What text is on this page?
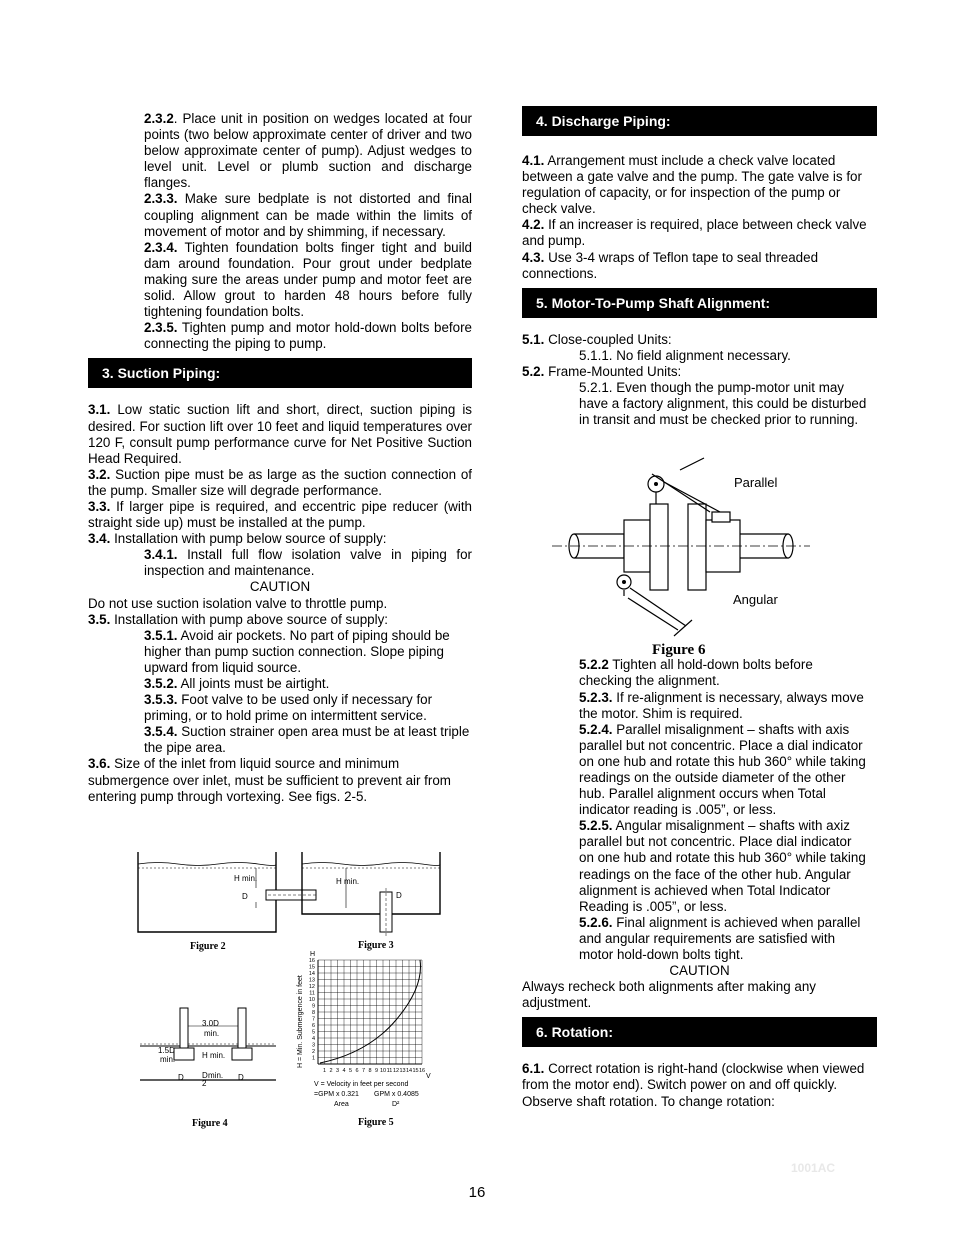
2.3.2. Place unit in position on wedges located at four points (two below approximate center of driver and two below approximate center of pump). Adjust wedges to level unit. Level or plumb suction and discharge flanges.

2.3.3. Make sure bedplate is not distorted and final coupling alignment can be made within the limits of movement of motor and by shimming, if necessary.

2.3.4. Tighten foundation bolts finger tight and build dam around foundation. Pour grout under bedplate making sure the areas under pump and motor feet are solid. Allow grout to harden 48 hours before fully tightening foundation bolts.

2.3.5. Tighten pump and motor hold-down bolts before connecting the piping to pump.

3. Suction Piping:

3.1. Low static suction lift and short, direct, suction piping is desired. For suction lift over 10 feet and liquid temperatures over 120 F, consult pump performance curve for Net Positive Suction Head Required.

3.2. Suction pipe must be as large as the suction connection of the pump. Smaller size will degrade performance.

3.3. If larger pipe is required, and eccentric pipe reducer (with straight side up) must be installed at the pump.

3.4. Installation with pump below source of supply:

3.4.1. Install full flow isolation valve in piping for inspection and maintenance.

CAUTION

Do not use suction isolation valve to throttle pump.

3.5. Installation with pump above source of supply:

3.5.1. Avoid air pockets. No part of piping should be higher than pump suction connection. Slope piping upward from liquid source.

3.5.2. All joints must be airtight.

3.5.3. Foot valve to be used only if necessary for priming, or to hold prime on intermittent service.

3.5.4. Suction strainer open area must be at least triple the pipe area.

3.6. Size of the inlet from liquid source and minimum submergence over inlet, must be sufficient to prevent air from entering pump through vortexing. See figs. 2-5.

H min.
D
Figure 2
H min.
D
Figure 3
3.0D
min.
1.5D
min.	H min.
D D
2
min. D
Figure 4
H
H = Min. Submergence in feet 1
2
3
4
5
6
7
8
9
10
11
12
13
14
15
16
1 2 3 4 5 6 7 8 9 10 11 12 13 14 15 16
V
V = Velocity in feet per second
=GPM x 0.321 GPM x 0.4085
Area	D²
Figure 5
4. Discharge Piping:

4.1. Arrangement must include a check valve located between a gate valve and the pump. The gate valve is for regulation of capacity, or for inspection of the pump or check valve.

4.2. If an increaser is required, place between check valve and pump.

4.3. Use 3-4 wraps of Teflon tape to seal threaded connections.

5. Motor-To-Pump Shaft Alignment:

5.1. Close-coupled Units:

5.1.1. No field alignment necessary.

5.2. Frame-Mounted Units:

5.2.1. Even though the pump-motor unit may have a factory alignment, this could be disturbed in transit and must be checked prior to running.

5.2.2 Tighten all hold-down bolts before checking the alignment.

5.2.3. If re-alignment is necessary, always move the motor. Shim is required.

5.2.4. Parallel misalignment – shafts with axis parallel but not concentric. Place a dial indicator on one hub and rotate this hub 360° while taking readings on the outside diameter of the other hub. Parallel alignment occurs when Total indicator reading is .005”, or less.

5.2.5. Angular misalignment – shafts with axiz parallel but not concentric. Place dial indicator on one hub and rotate this hub 360° while taking readings on the face of the other hub. Angular alignment is achieved when Total Indicator Reading is .005”, or less.

5.2.6. Final alignment is achieved when parallel and angular requirements are satisfied with motor hold-down bolts tight.

CAUTION

Always recheck both alignments after making any adjustment.

6. Rotation:

6.1. Correct rotation is right-hand (clockwise when viewed from the motor end). Switch power on and off quickly. Observe shaft rotation. To change rotation:

Parallel
Angular
Figure 6
1001AC
16
